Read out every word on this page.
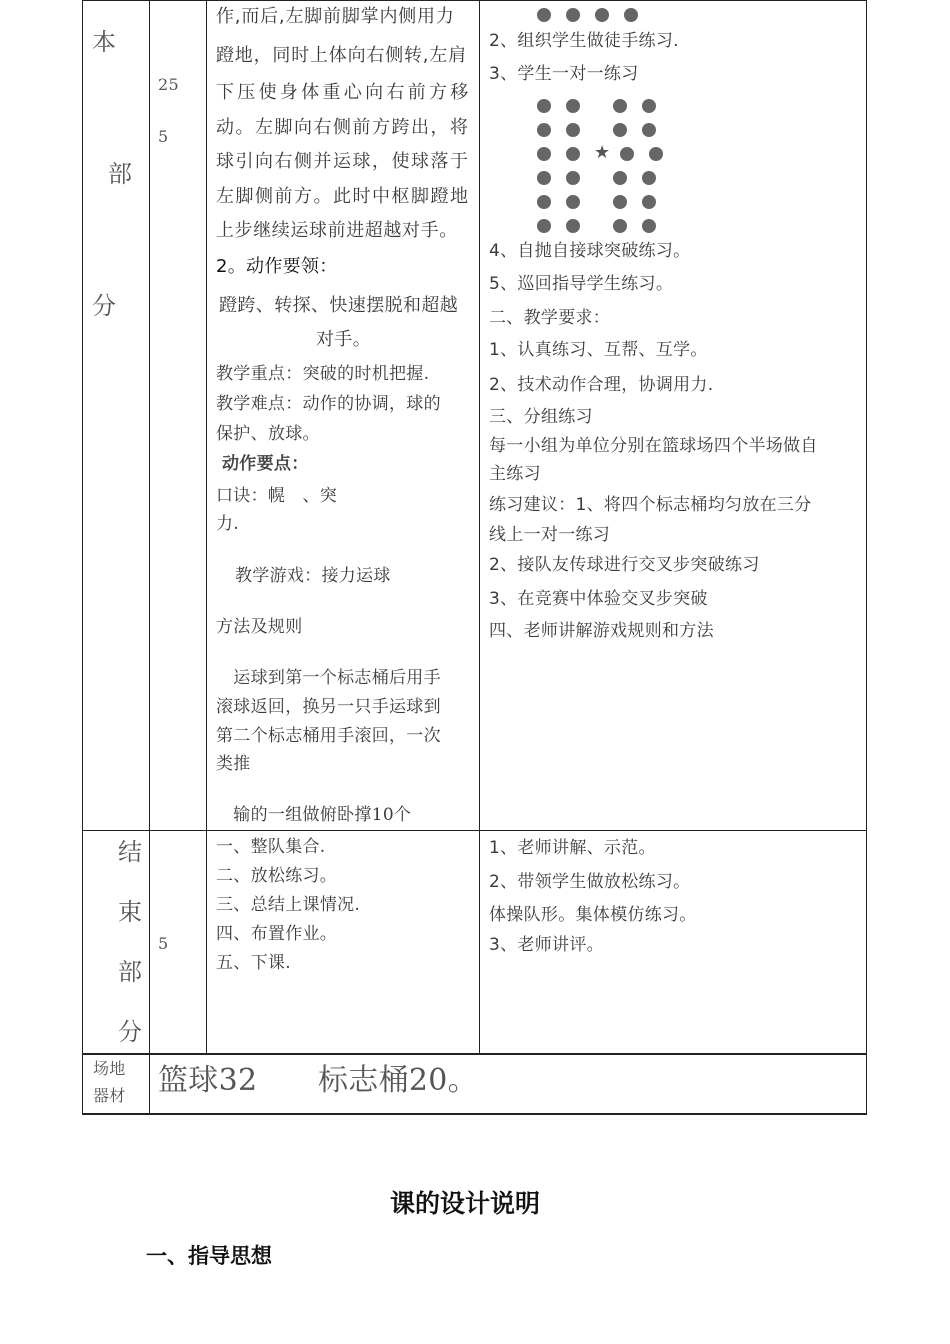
本
部
分
25
5
作,而后,左脚前脚掌内侧用力
蹬地，同时上体向右侧转,左肩
下压使身体重心向右前方移
动。左脚向右侧前方跨出，将
球引向右侧并运球，使球落于
左脚侧前方。此时中枢脚蹬地
上步继续运球前进超越对手。
2。动作要领：
蹬跨、转探、快速摆脱和超越
对手。
教学重点：突破的时机把握.
教学难点：动作的协调，球的
保护、放球。
动作要点：
口诀：幌　、突
力.
教学游戏：接力运球
方法及规则
　运球到第一个标志桶后用手
滚球返回，换另一只手运球到
第二个标志桶用手滚回，一次
类推
　输的一组做俯卧撑10个
2、组织学生做徒手练习.
3、学生一对一练习
★
4、自抛自接球突破练习。
5、巡回指导学生练习。
二、教学要求：
1、认真练习、互帮、互学。
2、技术动作合理，协调用力.
三、分组练习
每一小组为单位分别在篮球场四个半场做自
主练习
练习建议：1、将四个标志桶均匀放在三分
线上一对一练习
2、接队友传球进行交叉步突破练习
3、在竞赛中体验交叉步突破
四、老师讲解游戏规则和方法
结
束
部
分
5
一、整队集合.
二、放松练习。
三、总结上课情况.
四、布置作业。
五、下课.
1、老师讲解、示范。
2、带领学生做放松练习。
体操队形。集体模仿练习。
3、老师讲评。
场地
器材 篮球32　　标志桶20。
课的设计说明
一、指导思想
